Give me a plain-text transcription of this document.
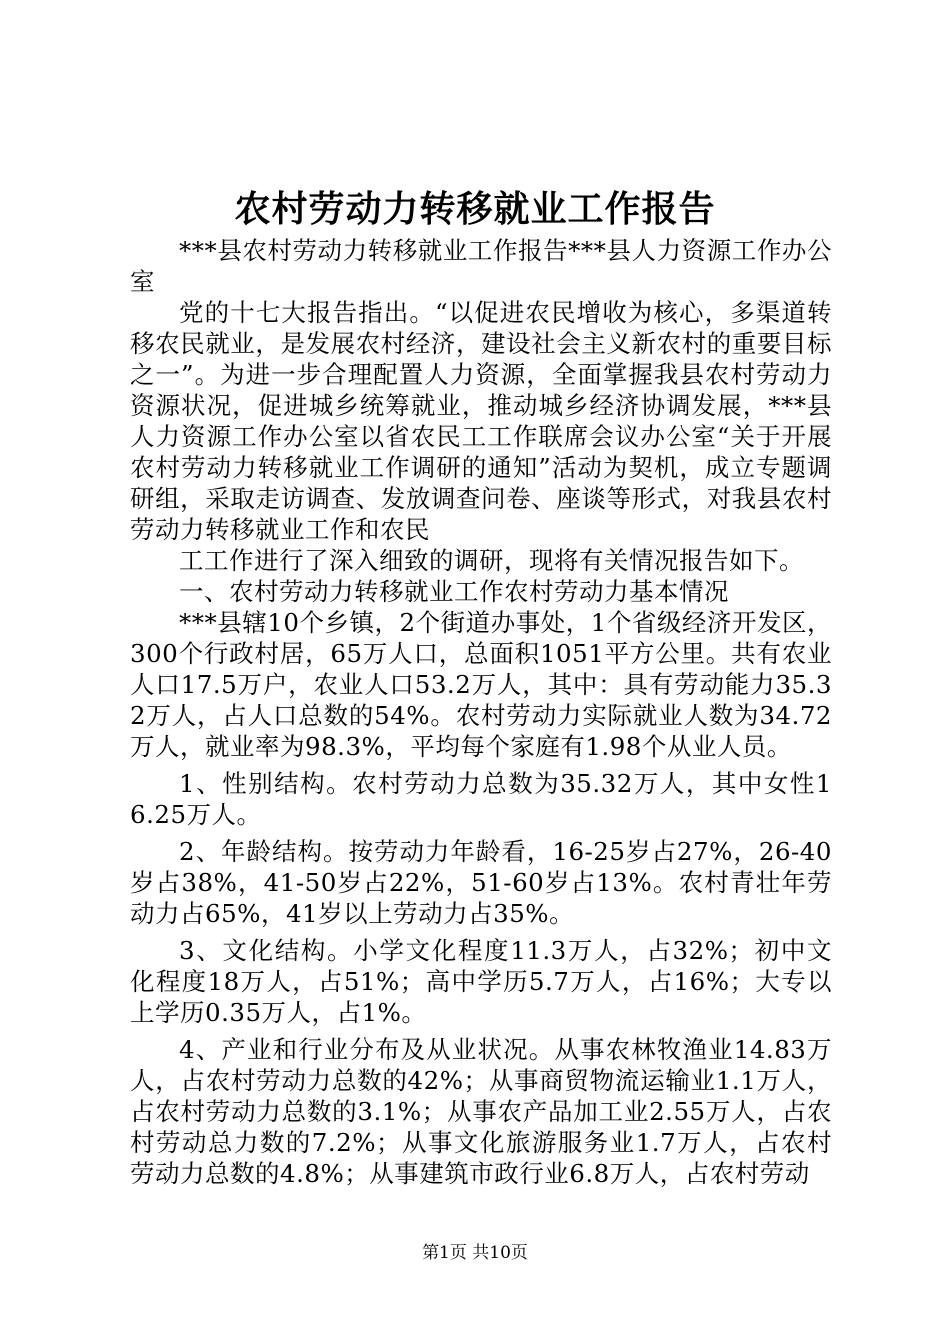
农村劳动力转移就业工作报告

***县农村劳动力转移就业工作报告***县人力资源工作办公室

党的十七大报告指出。“以促进农民增收为核心，多渠道转移农民就业，是发展农村经济，建设社会主义新农村的重要目标之一”。为进一步合理配置人力资源，全面掌握我县农村劳动力资源状况，促进城乡统筹就业，推动城乡经济协调发展，***县人力资源工作办公室以省农民工工作联席会议办公室“关于开展农村劳动力转移就业工作调研的通知”活动为契机，成立专题调研组，采取走访调查、发放调查问卷、座谈等形式，对我县农村劳动力转移就业工作和农民

工工作进行了深入细致的调研，现将有关情况报告如下。

一、农村劳动力转移就业工作农村劳动力基本情况

***县辖10个乡镇，2个街道办事处，1个省级经济开发区，300个行政村居，65万人口，总面积1051平方公里。共有农业人口17.5万户，农业人口53.2万人，其中：具有劳动能力35.32万人，占人口总数的54%。农村劳动力实际就业人数为34.72万人，就业率为98.3%，平均每个家庭有1.98个从业人员。

1、性别结构。农村劳动力总数为35.32万人，其中女性16.25万人。

2、年龄结构。按劳动力年龄看，16-25岁占27%，26-40岁占38%，41-50岁占22%，51-60岁占13%。农村青壮年劳动力占65%，41岁以上劳动力占35%。

3、文化结构。小学文化程度11.3万人，占32%；初中文化程度18万人，占51%；高中学历5.7万人，占16%；大专以上学历0.35万人，占1%。

4、产业和行业分布及从业状况。从事农林牧渔业14.83万人，占农村劳动力总数的42%；从事商贸物流运输业1.1万人，占农村劳动力总数的3.1%；从事农产品加工业2.55万人，占农村劳动总力数的7.2%；从事文化旅游服务业1.7万人，占农村劳动力总数的4.8%；从事建筑市政行业6.8万人，占农村劳动

第1页 共10页
